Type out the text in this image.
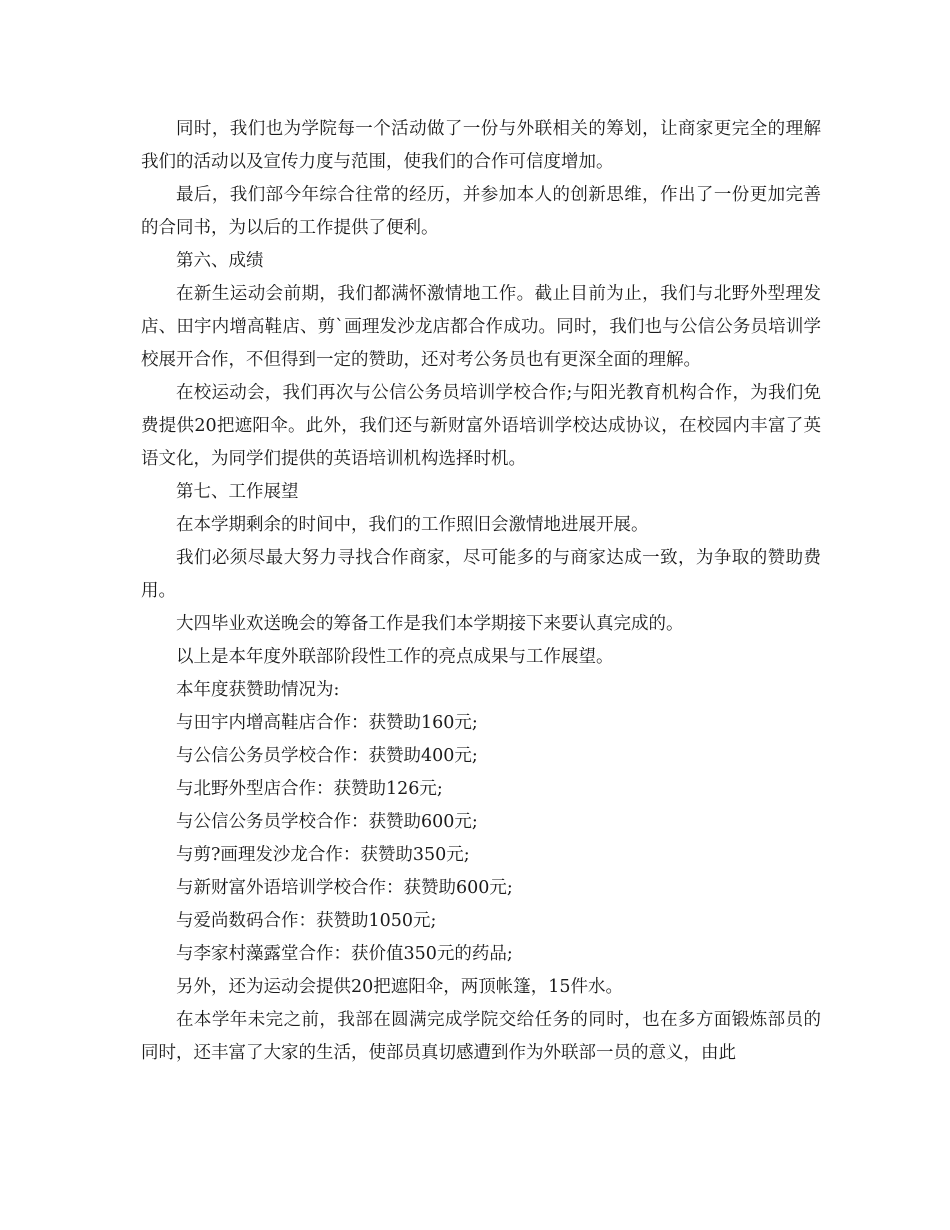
同时，我们也为学院每一个活动做了一份与外联相关的筹划，让商家更完全的理解我们的活动以及宣传力度与范围，使我们的合作可信度增加。

最后，我们部今年综合往常的经历，并参加本人的创新思维，作出了一份更加完善的合同书，为以后的工作提供了便利。

第六、成绩

在新生运动会前期，我们都满怀激情地工作。截止目前为止，我们与北野外型理发店、田宇内增高鞋店、剪`画理发沙龙店都合作成功。同时，我们也与公信公务员培训学校展开合作，不但得到一定的赞助，还对考公务员也有更深全面的理解。

在校运动会，我们再次与公信公务员培训学校合作;与阳光教育机构合作，为我们免费提供20把遮阳伞。此外，我们还与新财富外语培训学校达成协议，在校园内丰富了英语文化，为同学们提供的英语培训机构选择时机。

第七、工作展望

在本学期剩余的时间中，我们的工作照旧会激情地进展开展。

我们必须尽最大努力寻找合作商家，尽可能多的与商家达成一致，为争取的赞助费用。

大四毕业欢送晚会的筹备工作是我们本学期接下来要认真完成的。

以上是本年度外联部阶段性工作的亮点成果与工作展望。

本年度获赞助情况为:

与田宇内增高鞋店合作：获赞助160元;

与公信公务员学校合作：获赞助400元;

与北野外型店合作：获赞助126元;

与公信公务员学校合作：获赞助600元;

与剪?画理发沙龙合作：获赞助350元;

与新财富外语培训学校合作：获赞助600元;

与爱尚数码合作：获赞助1050元;

与李家村藻露堂合作：获价值350元的药品;

另外，还为运动会提供20把遮阳伞，两顶帐篷，15件水。

在本学年未完之前，我部在圆满完成学院交给任务的同时，也在多方面锻炼部员的同时，还丰富了大家的生活，使部员真切感遭到作为外联部一员的意义，由此
